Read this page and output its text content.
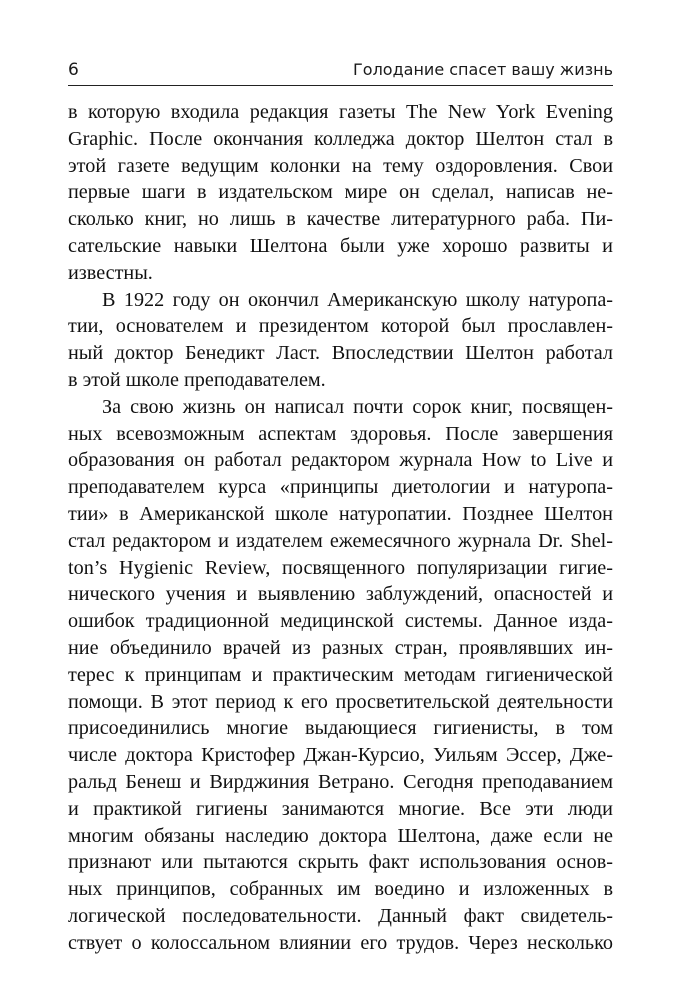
6	Голодание спасет вашу жизнь
в которую входила редакция газеты The New York Evening
Graphic. После окончания колледжа доктор Шелтон стал в
этой газете ведущим колонки на тему оздоровления. Свои
первые шаги в издательском мире он сделал, написав не-
сколько книг, но лишь в качестве литературного раба. Пи-
сательские навыки Шелтона были уже хорошо развиты и
известны.
В 1922 году он окончил Американскую школу натуропа-
тии, основателем и президентом которой был прославлен-
ный доктор Бенедикт Ласт. Впоследствии Шелтон работал
в этой школе преподавателем.
За свою жизнь он написал почти сорок книг, посвящен-
ных всевозможным аспектам здоровья. После завершения
образования он работал редактором журнала How to Live и
преподавателем курса «принципы диетологии и натуропа-
тии» в Американской школе натуропатии. Позднее Шелтон
стал редактором и издателем ежемесячного журнала Dr. Shel-
ton’s Hygienic Review, посвященного популяризации гигие-
нического учения и выявлению заблуждений, опасностей и
ошибок традиционной медицинской системы. Данное изда-
ние объединило врачей из разных стран, проявлявших ин-
терес к принципам и практическим методам гигиенической
помощи. В этот период к его просветительской деятельности
присоединились многие выдающиеся гигиенисты, в том
числе доктора Кристофер Джан-Курсио, Уильям Эссер, Дже-
ральд Бенеш и Вирджиния Ветрано. Сегодня преподаванием
и практикой гигиены занимаются многие. Все эти люди
многим обязаны наследию доктора Шелтона, даже если не
признают или пытаются скрыть факт использования основ-
ных принципов, собранных им воедино и изложенных в
логической последовательности. Данный факт свидетель-
ствует о колоссальном влиянии его трудов. Через несколько
